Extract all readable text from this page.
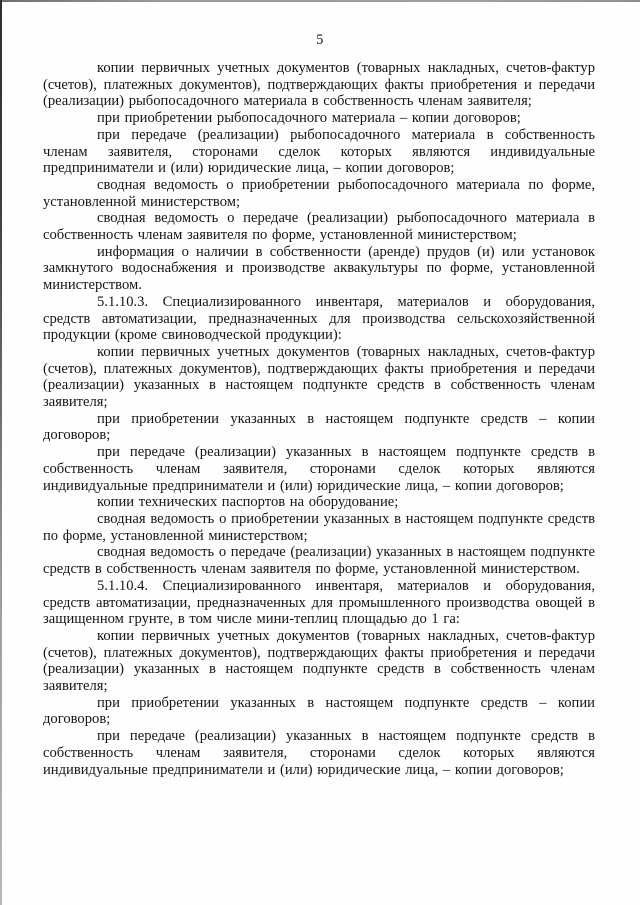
5

копии первичных учетных документов (товарных накладных, счетов-фактур (счетов), платежных документов), подтверждающих факты приобретения и передачи (реализации) рыбопосадочного материала в собственность членам заявителя;

при приобретении рыбопосадочного материала – копии договоров;

при передаче (реализации) рыбопосадочного материала в собственность членам заявителя, сторонами сделок которых являются индивидуальные предприниматели и (или) юридические лица, – копии договоров;

сводная ведомость о приобретении рыбопосадочного материала по форме, установленной министерством;

сводная ведомость о передаче (реализации) рыбопосадочного материала в собственность членам заявителя по форме, установленной министерством;

информация о наличии в собственности (аренде) прудов (и) или установок замкнутого водоснабжения и производстве аквакультуры по форме, установленной министерством.

5.1.10.3. Специализированного инвентаря, материалов и оборудования, средств автоматизации, предназначенных для производства сельскохозяйственной продукции (кроме свиноводческой продукции):

копии первичных учетных документов (товарных накладных, счетов-фактур (счетов), платежных документов), подтверждающих факты приобретения и передачи (реализации) указанных в настоящем подпункте средств в собственность членам заявителя;

при приобретении указанных в настоящем подпункте средств – копии договоров;

при передаче (реализации) указанных в настоящем подпункте средств в собственность членам заявителя, сторонами сделок которых являются индивидуальные предприниматели и (или) юридические лица, – копии договоров;

копии технических паспортов на оборудование;

сводная ведомость о приобретении указанных в настоящем подпункте средств по форме, установленной министерством;

сводная ведомость о передаче (реализации) указанных в настоящем подпункте средств в собственность членам заявителя по форме, установленной министерством.

5.1.10.4. Специализированного инвентаря, материалов и оборудования, средств автоматизации, предназначенных для промышленного производства овощей в защищенном грунте, в том числе мини-теплиц площадью до 1 га:

копии первичных учетных документов (товарных накладных, счетов-фактур (счетов), платежных документов), подтверждающих факты приобретения и передачи (реализации) указанных в настоящем подпункте средств в собственность членам заявителя;

при приобретении указанных в настоящем подпункте средств – копии договоров;

при передаче (реализации) указанных в настоящем подпункте средств в собственность членам заявителя, сторонами сделок которых являются индивидуальные предприниматели и (или) юридические лица, – копии договоров;
